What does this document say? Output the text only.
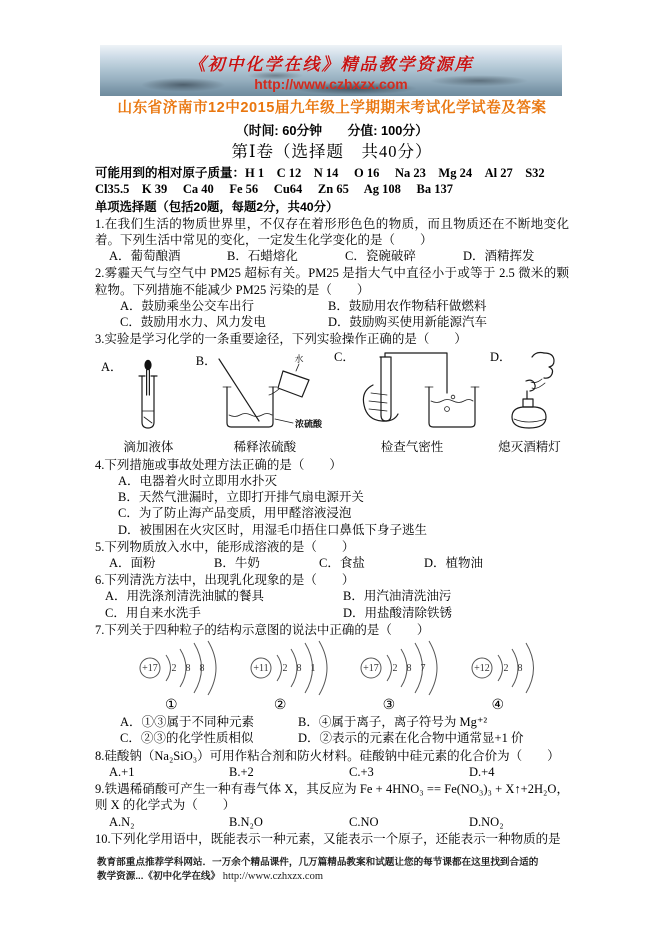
《初中化学在线》精品教学资源库
http://www.czhxzx.com
山东省济南市12中2015届九年级上学期期末考试化学试卷及答案
（时间: 60分钟　　分值: 100分）
第Ⅰ卷（选择题　共40分）
可能用到的相对原子质量：H 1　C 12　N 14　 O 16　 Na 23　Mg 24　Al 27　S32
Cl35.5　K 39　 Ca 40　 Fe 56　 Cu64　 Zn 65　 Ag 108　 Ba 137
单项选择题（包括20题，每题2分，共40分）
1.在我们生活的物质世界里，不仅存在着形形色色的物质，而且物质还在不断地变化着。下列生活中常见的变化，一定发生化学变化的是（　　）
A．葡萄酿酒	B．石蜡熔化	C．瓷碗破碎	D．酒精挥发
2.雾霾天气与空气中 PM25 超标有关。PM25 是指大气中直径小于或等于 2.5 微米的颗粒物。下列措施不能减少 PM25 污染的是（　　）
A．鼓励乘坐公交车出行	B．鼓励用农作物秸秆做燃料
C．鼓励用水力、风力发电	D．鼓励购买使用新能源汽车
3.实验是学习化学的一条重要途径，下列实验操作正确的是（　　）
A．
滴加液体
B．	水
浓硫酸
稀释浓硫酸
C．
检查气密性
D．
熄灭酒精灯
4.下列措施或事故处理方法正确的是（　　）
A．电器着火时立即用水扑灭
B．天然气泄漏时，立即打开排气扇电源开关
C．为了防止海产品变质，用甲醛溶液浸泡
D．被围困在火灾区时，用湿毛巾捂住口鼻低下身子逃生
5.下列物质放入水中，能形成溶液的是（　　）
A．面粉	B．牛奶	C．食盐	D．植物油
6.下列清洗方法中，出现乳化现象的是（　　）
A．用洗涤剂清洗油腻的餐具	B．用汽油清洗油污
C．用自来水洗手	D．用盐酸清除铁锈
7.下列关于四种粒子的结构示意图的说法中正确的是（　　）
+17 2 8 8	+11 2 8 1	+17 2 8 7	+12 2 8
①	②	③	④
A．①③属于不同种元素	B．④属于离子，离子符号为 Mg⁺²
C．②③的化学性质相似	D．②表示的元素在化合物中通常显+1 价
8.硅酸钠（Na₂SiO₃）可用作粘合剂和防火材料。硅酸钠中硅元素的化合价为（　　）
A.+1	B.+2	C.+3	D.+4
9.铁遇稀硝酸可产生一种有毒气体 X，其反应为 Fe + 4HNO₃ == Fe(NO₃)₃ + X↑+2H₂O，则 X 的化学式为（　　）
A.N₂	B.N₂O	C.NO	D.NO₂
10.下列化学用语中，既能表示一种元素，又能表示一个原子，还能表示一种物质的是
教育部重点推荐学科网站．一万余个精品课件，几万篇精品教案和试题让您的每节课都在这里找到合适的
教学资源...《初中化学在线》 http://www.czhxzx.com
